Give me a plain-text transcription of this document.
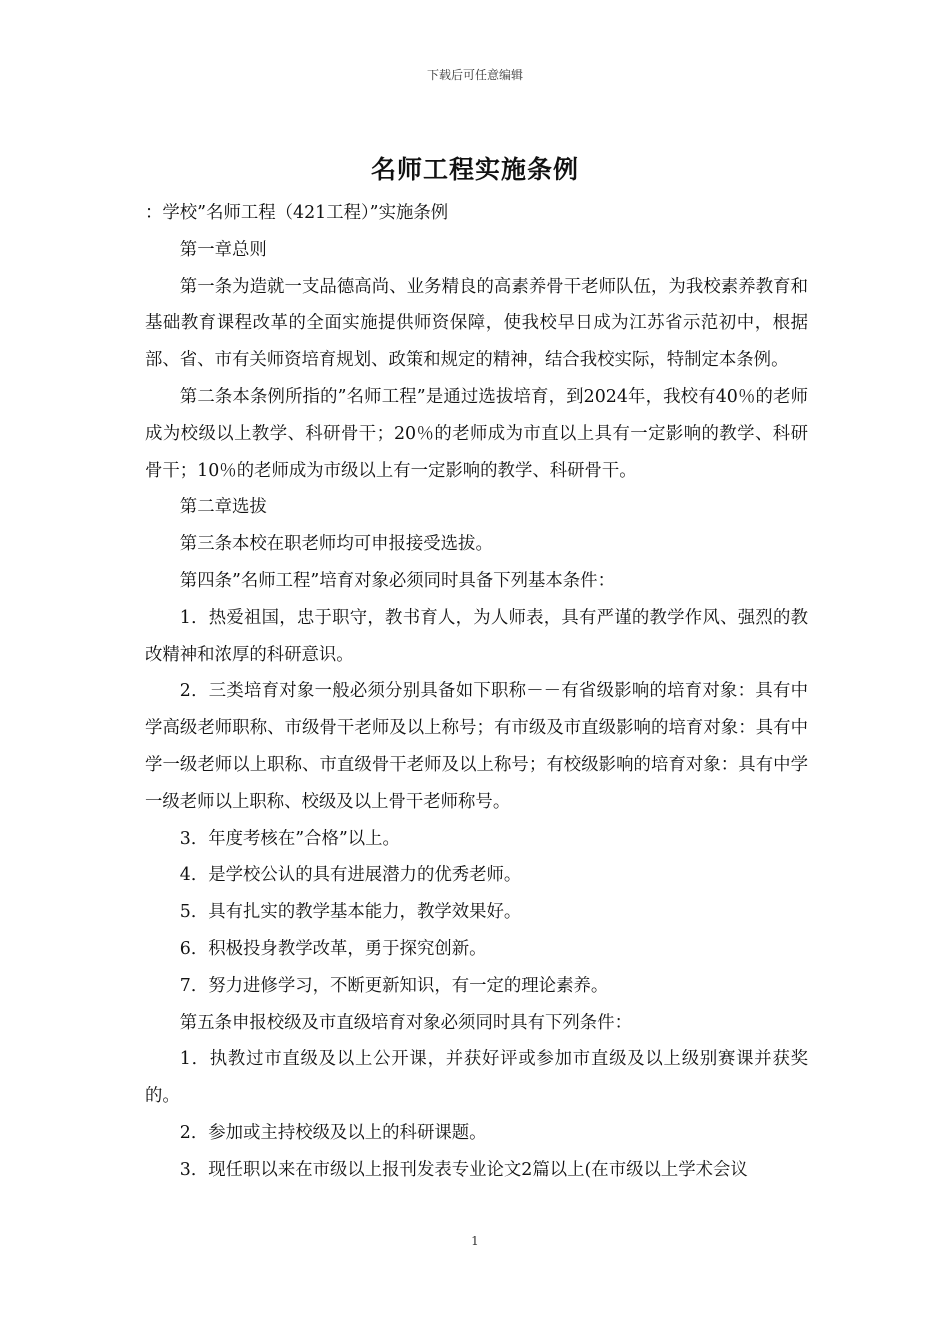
下载后可任意编辑
名师工程实施条例

：学校”名师工程（421工程）”实施条例

第一章总则

第一条为造就一支品德高尚、业务精良的高素养骨干老师队伍，为我校素养教育和基础教育课程改革的全面实施提供师资保障，使我校早日成为江苏省示范初中，根据部、省、市有关师资培育规划、政策和规定的精神，结合我校实际，特制定本条例。

第二条本条例所指的”名师工程”是通过选拔培育，到2024年，我校有40％的老师成为校级以上教学、科研骨干；20％的老师成为市直以上具有一定影响的教学、科研骨干；10％的老师成为市级以上有一定影响的教学、科研骨干。

第二章选拔

第三条本校在职老师均可申报接受选拔。

第四条”名师工程”培育对象必须同时具备下列基本条件：

1．热爱祖国，忠于职守，教书育人，为人师表，具有严谨的教学作风、强烈的教改精神和浓厚的科研意识。

2．三类培育对象一般必须分别具备如下职称－－有省级影响的培育对象：具有中学高级老师职称、市级骨干老师及以上称号；有市级及市直级影响的培育对象：具有中学一级老师以上职称、市直级骨干老师及以上称号；有校级影响的培育对象：具有中学一级老师以上职称、校级及以上骨干老师称号。

3．年度考核在”合格”以上。

4．是学校公认的具有进展潜力的优秀老师。

5．具有扎实的教学基本能力，教学效果好。

6．积极投身教学改革，勇于探究创新。

7．努力进修学习，不断更新知识，有一定的理论素养。

第五条申报校级及市直级培育对象必须同时具有下列条件：

1．执教过市直级及以上公开课，并获好评或参加市直级及以上级别赛课并获奖的。

2．参加或主持校级及以上的科研课题。

3．现任职以来在市级以上报刊发表专业论文2篇以上(在市级以上学术会议

1
